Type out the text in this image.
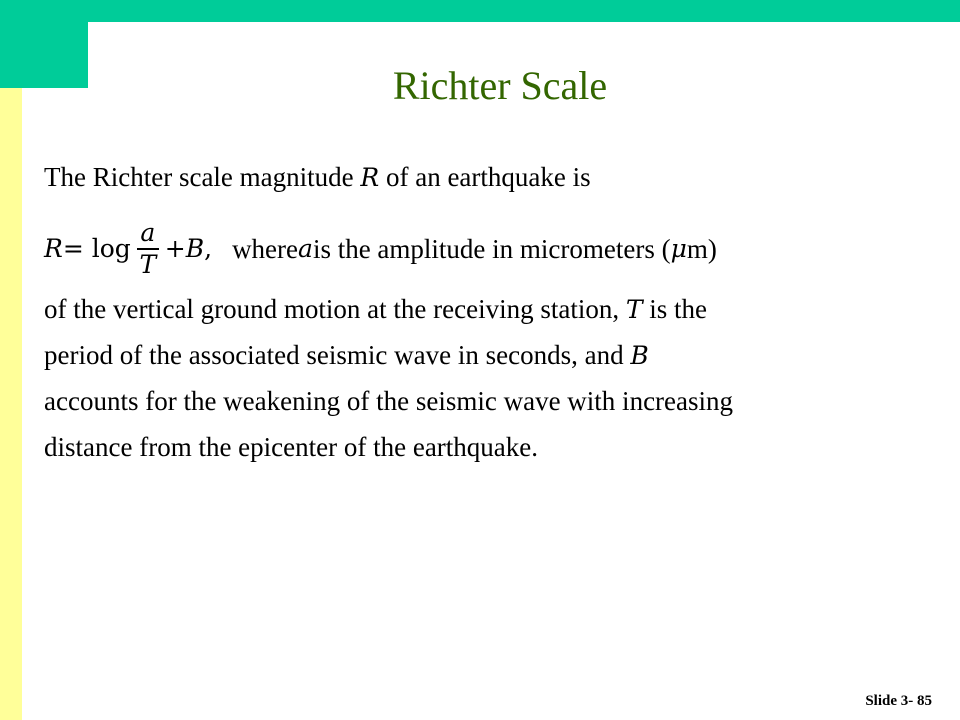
Richter Scale
The Richter scale magnitude R of an earthquake is
$R = \log \frac{a}{T} + B$ , where a is the amplitude in micrometers ( μ m)
of the vertical ground motion at the receiving station, T is the
period of the associated seismic wave in seconds, and B
accounts for the weakening of the seismic wave with increasing
distance from the epicenter of the earthquake.
Slide 3- 85
